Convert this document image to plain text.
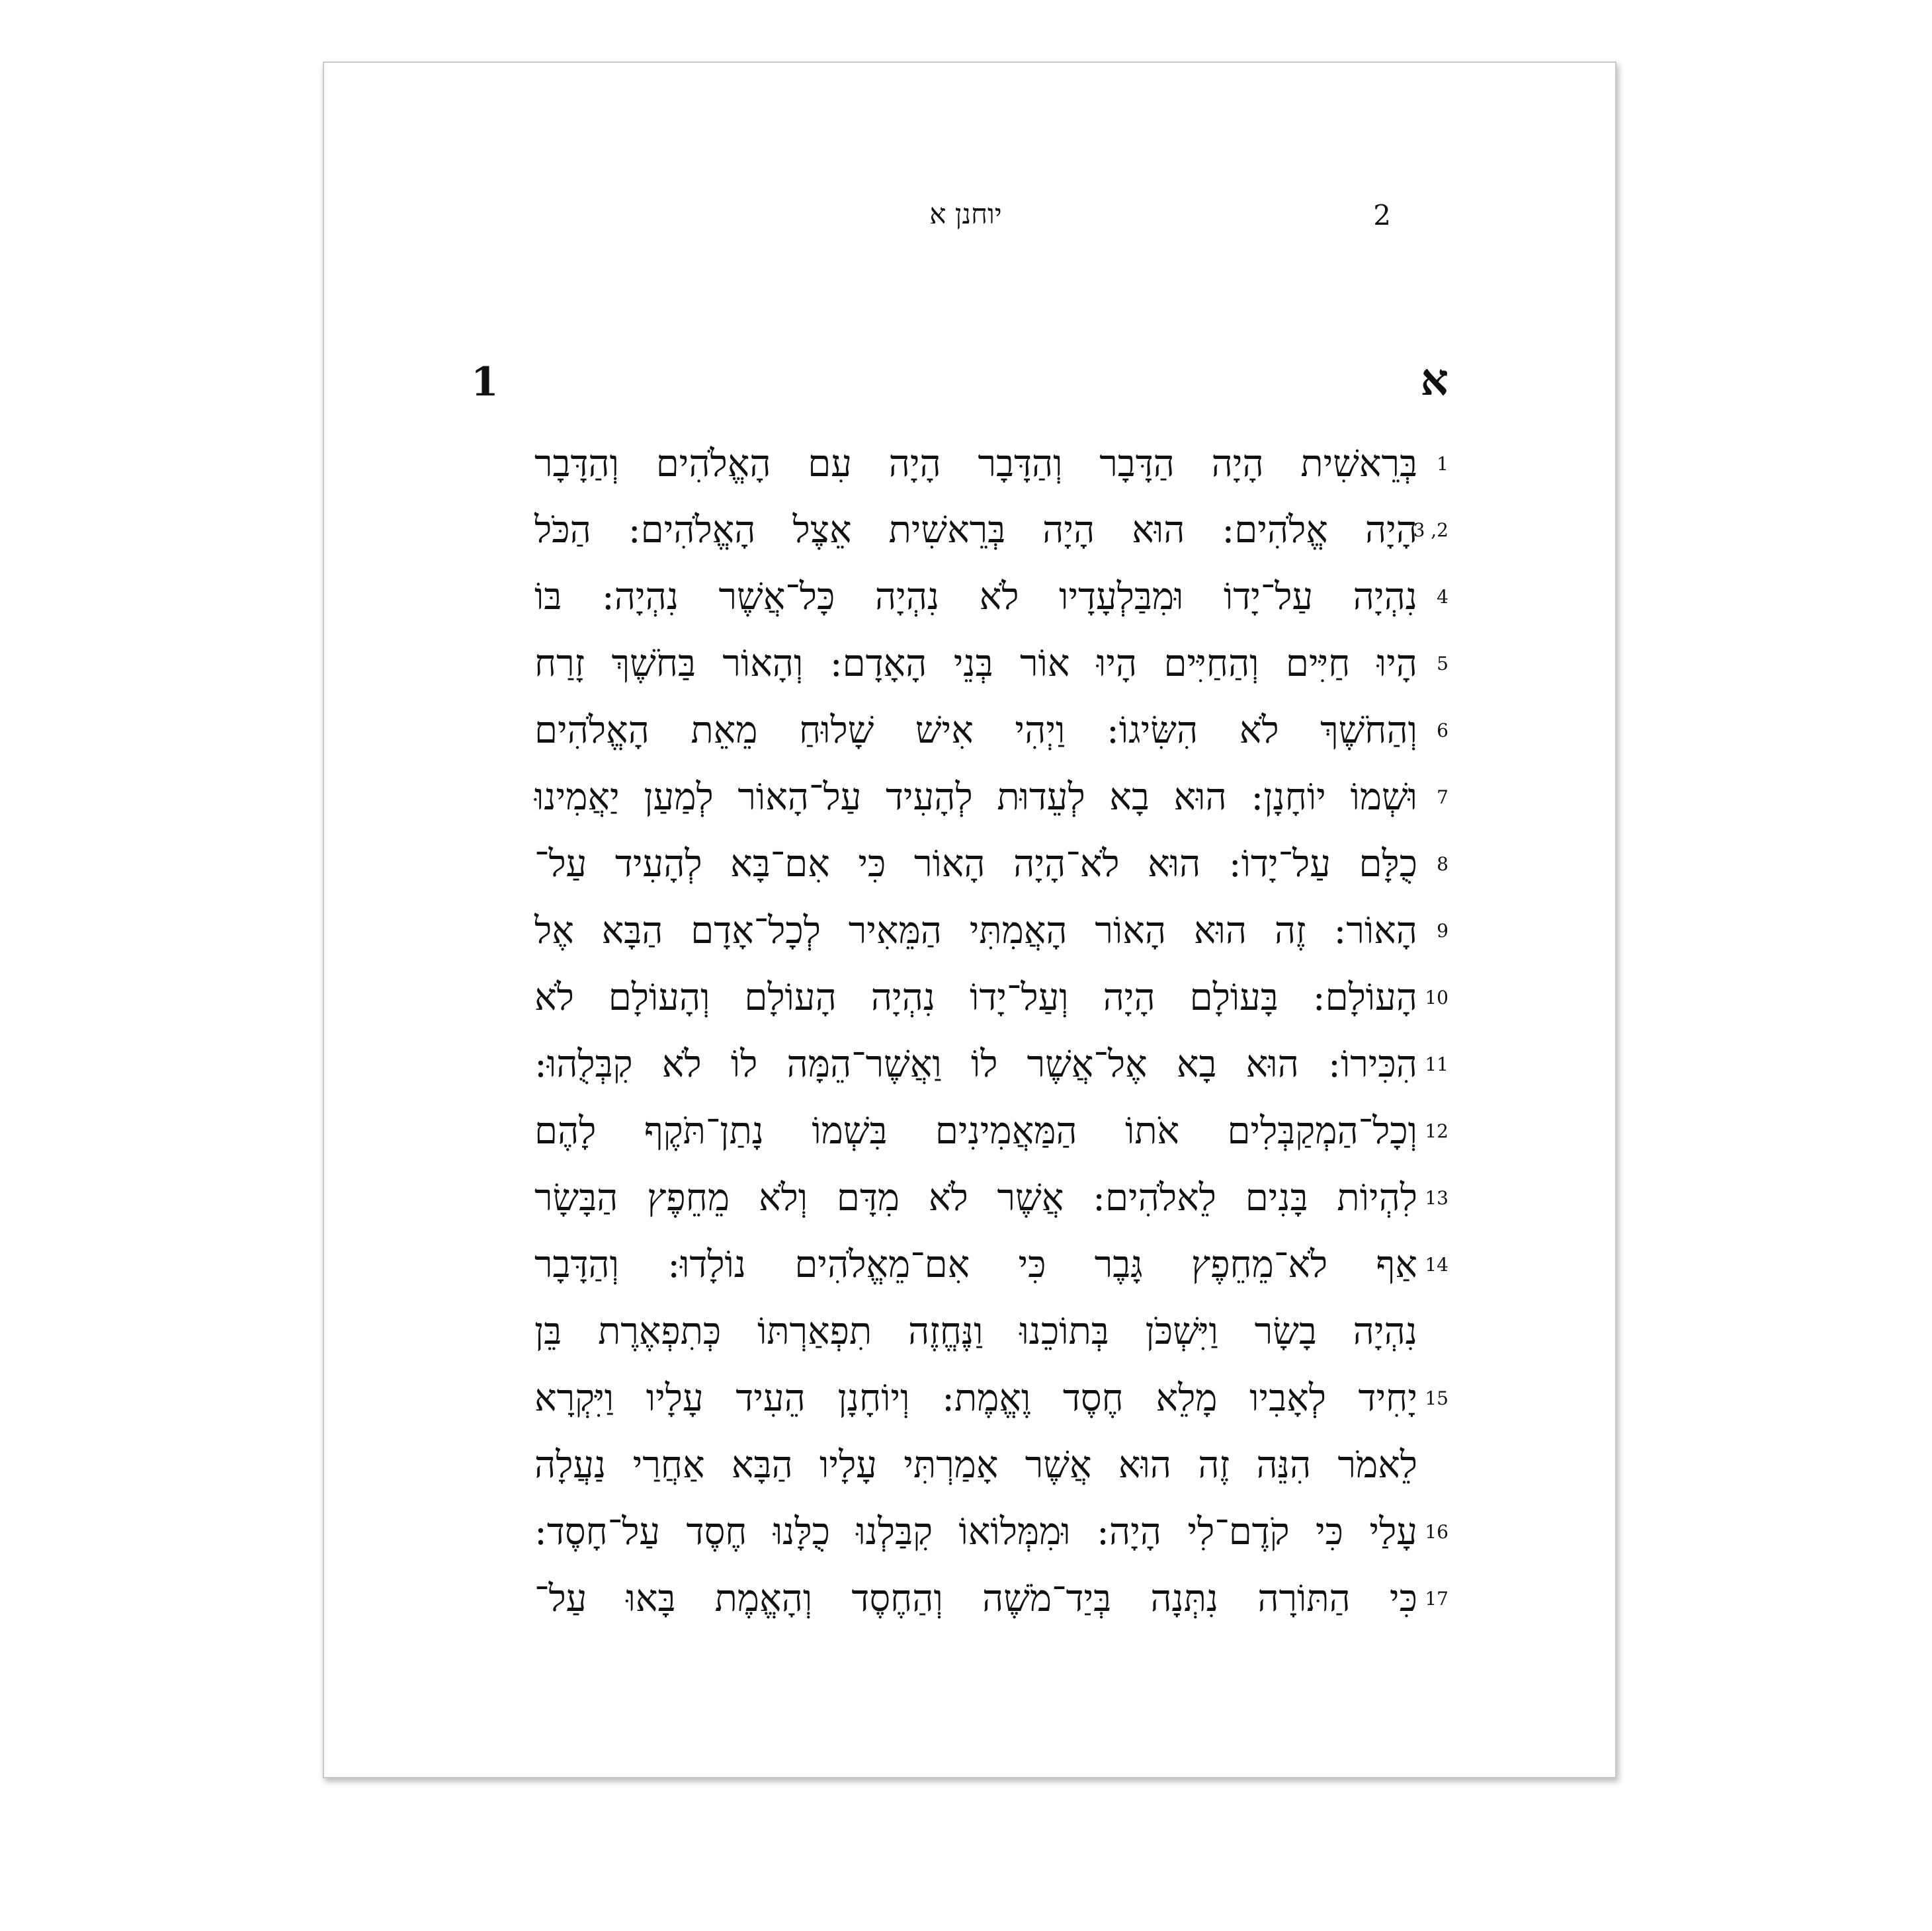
2
יוחנן א
א
1
1
בְּרֵאשִׁית הָיָה הַדָּבָר וְהַדָּבָר הָיָה עִם הָאֱלֹהִים וְהַדָּבָר
3 ,2
הָיָה אֱלֹהִים: הוּא הָיָה בְּרֵאשִׁית אֵצֶל הָאֱלֹהִים: הַכֹּל
4
נִהְיָה עַל־יָדוֹ וּמִבַּלְעָדָיו לֹא נִהְיָה כָּל־אֲשֶׁר נִהְיָה: בּוֹ
5
הָיוּ חַיִּים וְהַחַיִּים הָיוּ אוֹר בְּנֵי הָאָדָם: וְהָאוֹר בַּחֹשֶׁךְ זָרַח
6
וְהַחֹשֶׁךְ לֹא הִשִּׂיגוֹ: וַיְהִי אִישׁ שָׁלוּחַ מֵאֵת הָאֱלֹהִים
7
וּשְׁמוֹ יוֹחָנָן: הוּא בָא לְעֵדוּת לְהָעִיד עַל־הָאוֹר לְמַעַן יַאֲמִינוּ
8
כֻלָּם עַל־יָדוֹ: הוּא לֹא־הָיָה הָאוֹר כִּי אִם־בָּא לְהָעִיד עַל־
9
הָאוֹר: זֶה הוּא הָאוֹר הָאֲמִתִּי הַמֵּאִיר לְכָל־אָדָם הַבָּא אֶל
10
הָעוֹלָם: בָּעוֹלָם הָיָה וְעַל־יָדוֹ נִהְיָה הָעוֹלָם וְהָעוֹלָם לֹא
11
הִכִּירוֹ: הוּא בָא אֶל־אֲשֶׁר לוֹ וַאֲשֶׁר־הֵמָּה לוֹ לֹא קִבְּלֻהוּ:
12
וְכָל־הַמְקַבְּלִים אֹתוֹ הַמַּאֲמִינִים בִּשְׁמוֹ נָתַן־תֹּקֶף לָהֶם
13
לִהְיוֹת בָּנִים לֵאלֹהִים: אֲשֶׁר לֹא מִדָּם וְלֹא מֵחֵפֶץ הַבָּשָׂר
14
אַף לֹא־מֵחֵפֶץ גָּבֶר כִּי אִם־מֵאֱלֹהִים נוֹלָדוּ: וְהַדָּבָר
נִהְיָה בָשָׂר וַיִּשְׁכֹּן בְּתוֹכֵנוּ וַנֶּחֱזֶה תִפְאַרְתּוֹ כְּתִפְאֶרֶת בֵּן
15
יָחִיד לְאָבִיו מָלֵא חֶסֶד וֶאֱמֶת: וְיוֹחָנָן הֵעִיד עָלָיו וַיִּקְרָא
לֵאמֹר הִנֵּה זֶה הוּא אֲשֶׁר אָמַרְתִּי עָלָיו הַבָּא אַחֲרַי נַעֲלָה
16
עָלַי כִּי קֹדֶם־לִי הָיָה: וּמִמְּלוֹאוֹ קִבַּלְנוּ כֻלָּנוּ חֶסֶד עַל־חָסֶד:
17
כִּי הַתּוֹרָה נִתְּנָה בְּיַד־מֹשֶׁה וְהַחֶסֶד וְהָאֱמֶת בָּאוּ עַל־
